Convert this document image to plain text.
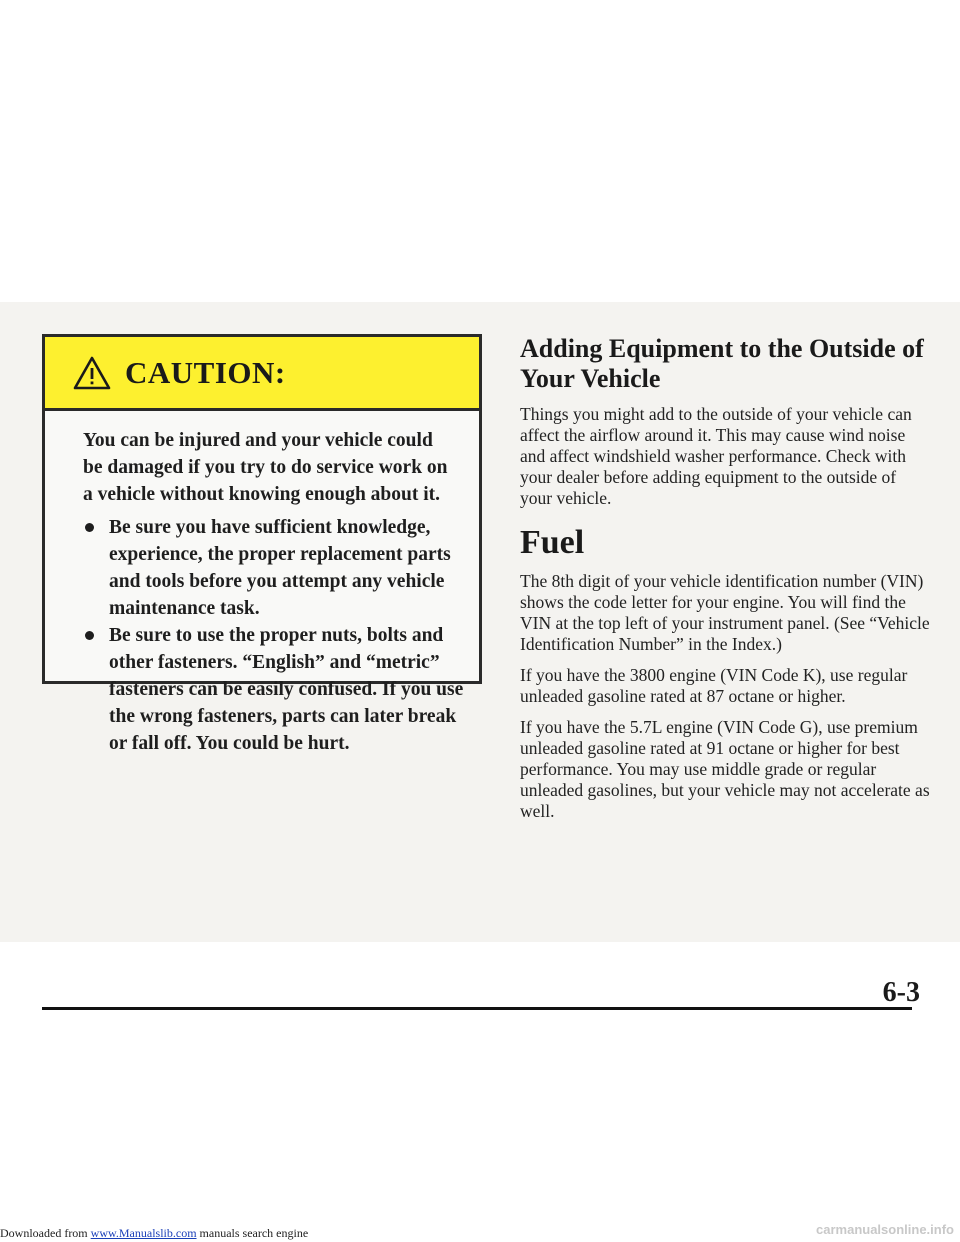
CAUTION:

You can be injured and your vehicle could be damaged if you try to do service work on a vehicle without knowing enough about it.

Be sure you have sufficient knowledge, experience, the proper replacement parts and tools before you attempt any vehicle maintenance task.
Be sure to use the proper nuts, bolts and other fasteners. “English” and “metric” fasteners can be easily confused. If you use the wrong fasteners, parts can later break or fall off. You could be hurt.
Adding Equipment to the Outside of Your Vehicle

Things you might add to the outside of your vehicle can affect the airflow around it. This may cause wind noise and affect windshield washer performance. Check with your dealer before adding equipment to the outside of your vehicle.

Fuel

The 8th digit of your vehicle identification number (VIN) shows the code letter for your engine. You will find the VIN at the top left of your instrument panel. (See “Vehicle Identification Number” in the Index.)

If you have the 3800 engine (VIN Code K), use regular unleaded gasoline rated at 87 octane or higher.

If you have the 5.7L engine (VIN Code G), use premium unleaded gasoline rated at 91 octane or higher for best performance. You may use middle grade or regular unleaded gasolines, but your vehicle may not accelerate as well.

6-3
Downloaded from www.Manualslib.com manuals search engine	carmanualsonline.info
